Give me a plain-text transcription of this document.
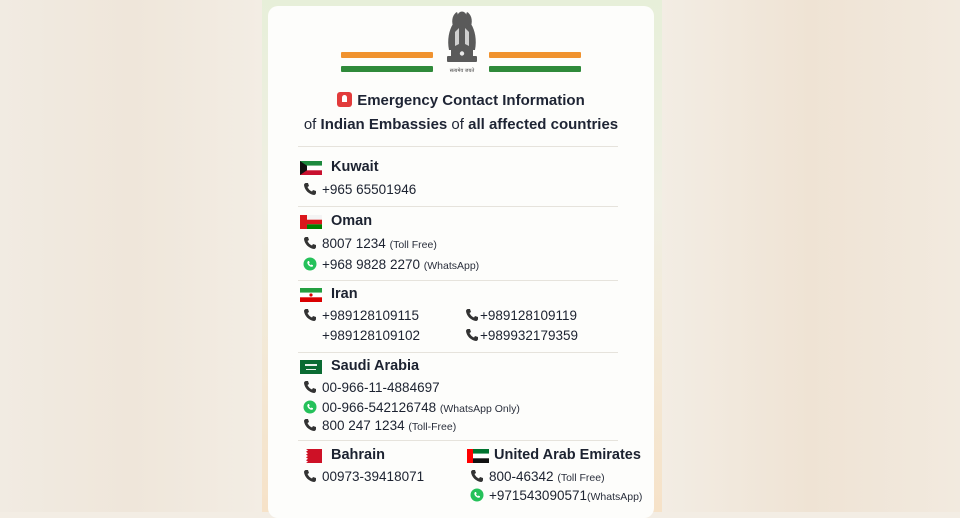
सत्यमेव जयते
Emergency Contact Information
of Indian Embassies of all affected countries
Kuwait
+965 65501946
Oman
8007 1234 (Toll Free)
+968 9828 2270 (WhatsApp)
Iran
+989128109115
+989128109102
+989128109119
+989932179359
Saudi Arabia
00-966-11-4884697
00-966-542126748 (WhatsApp Only)
800 247 1234 (Toll-Free)
Bahrain
00973-39418071
United Arab Emirates
800-46342 (Toll Free)
+971543090571(WhatsApp)
